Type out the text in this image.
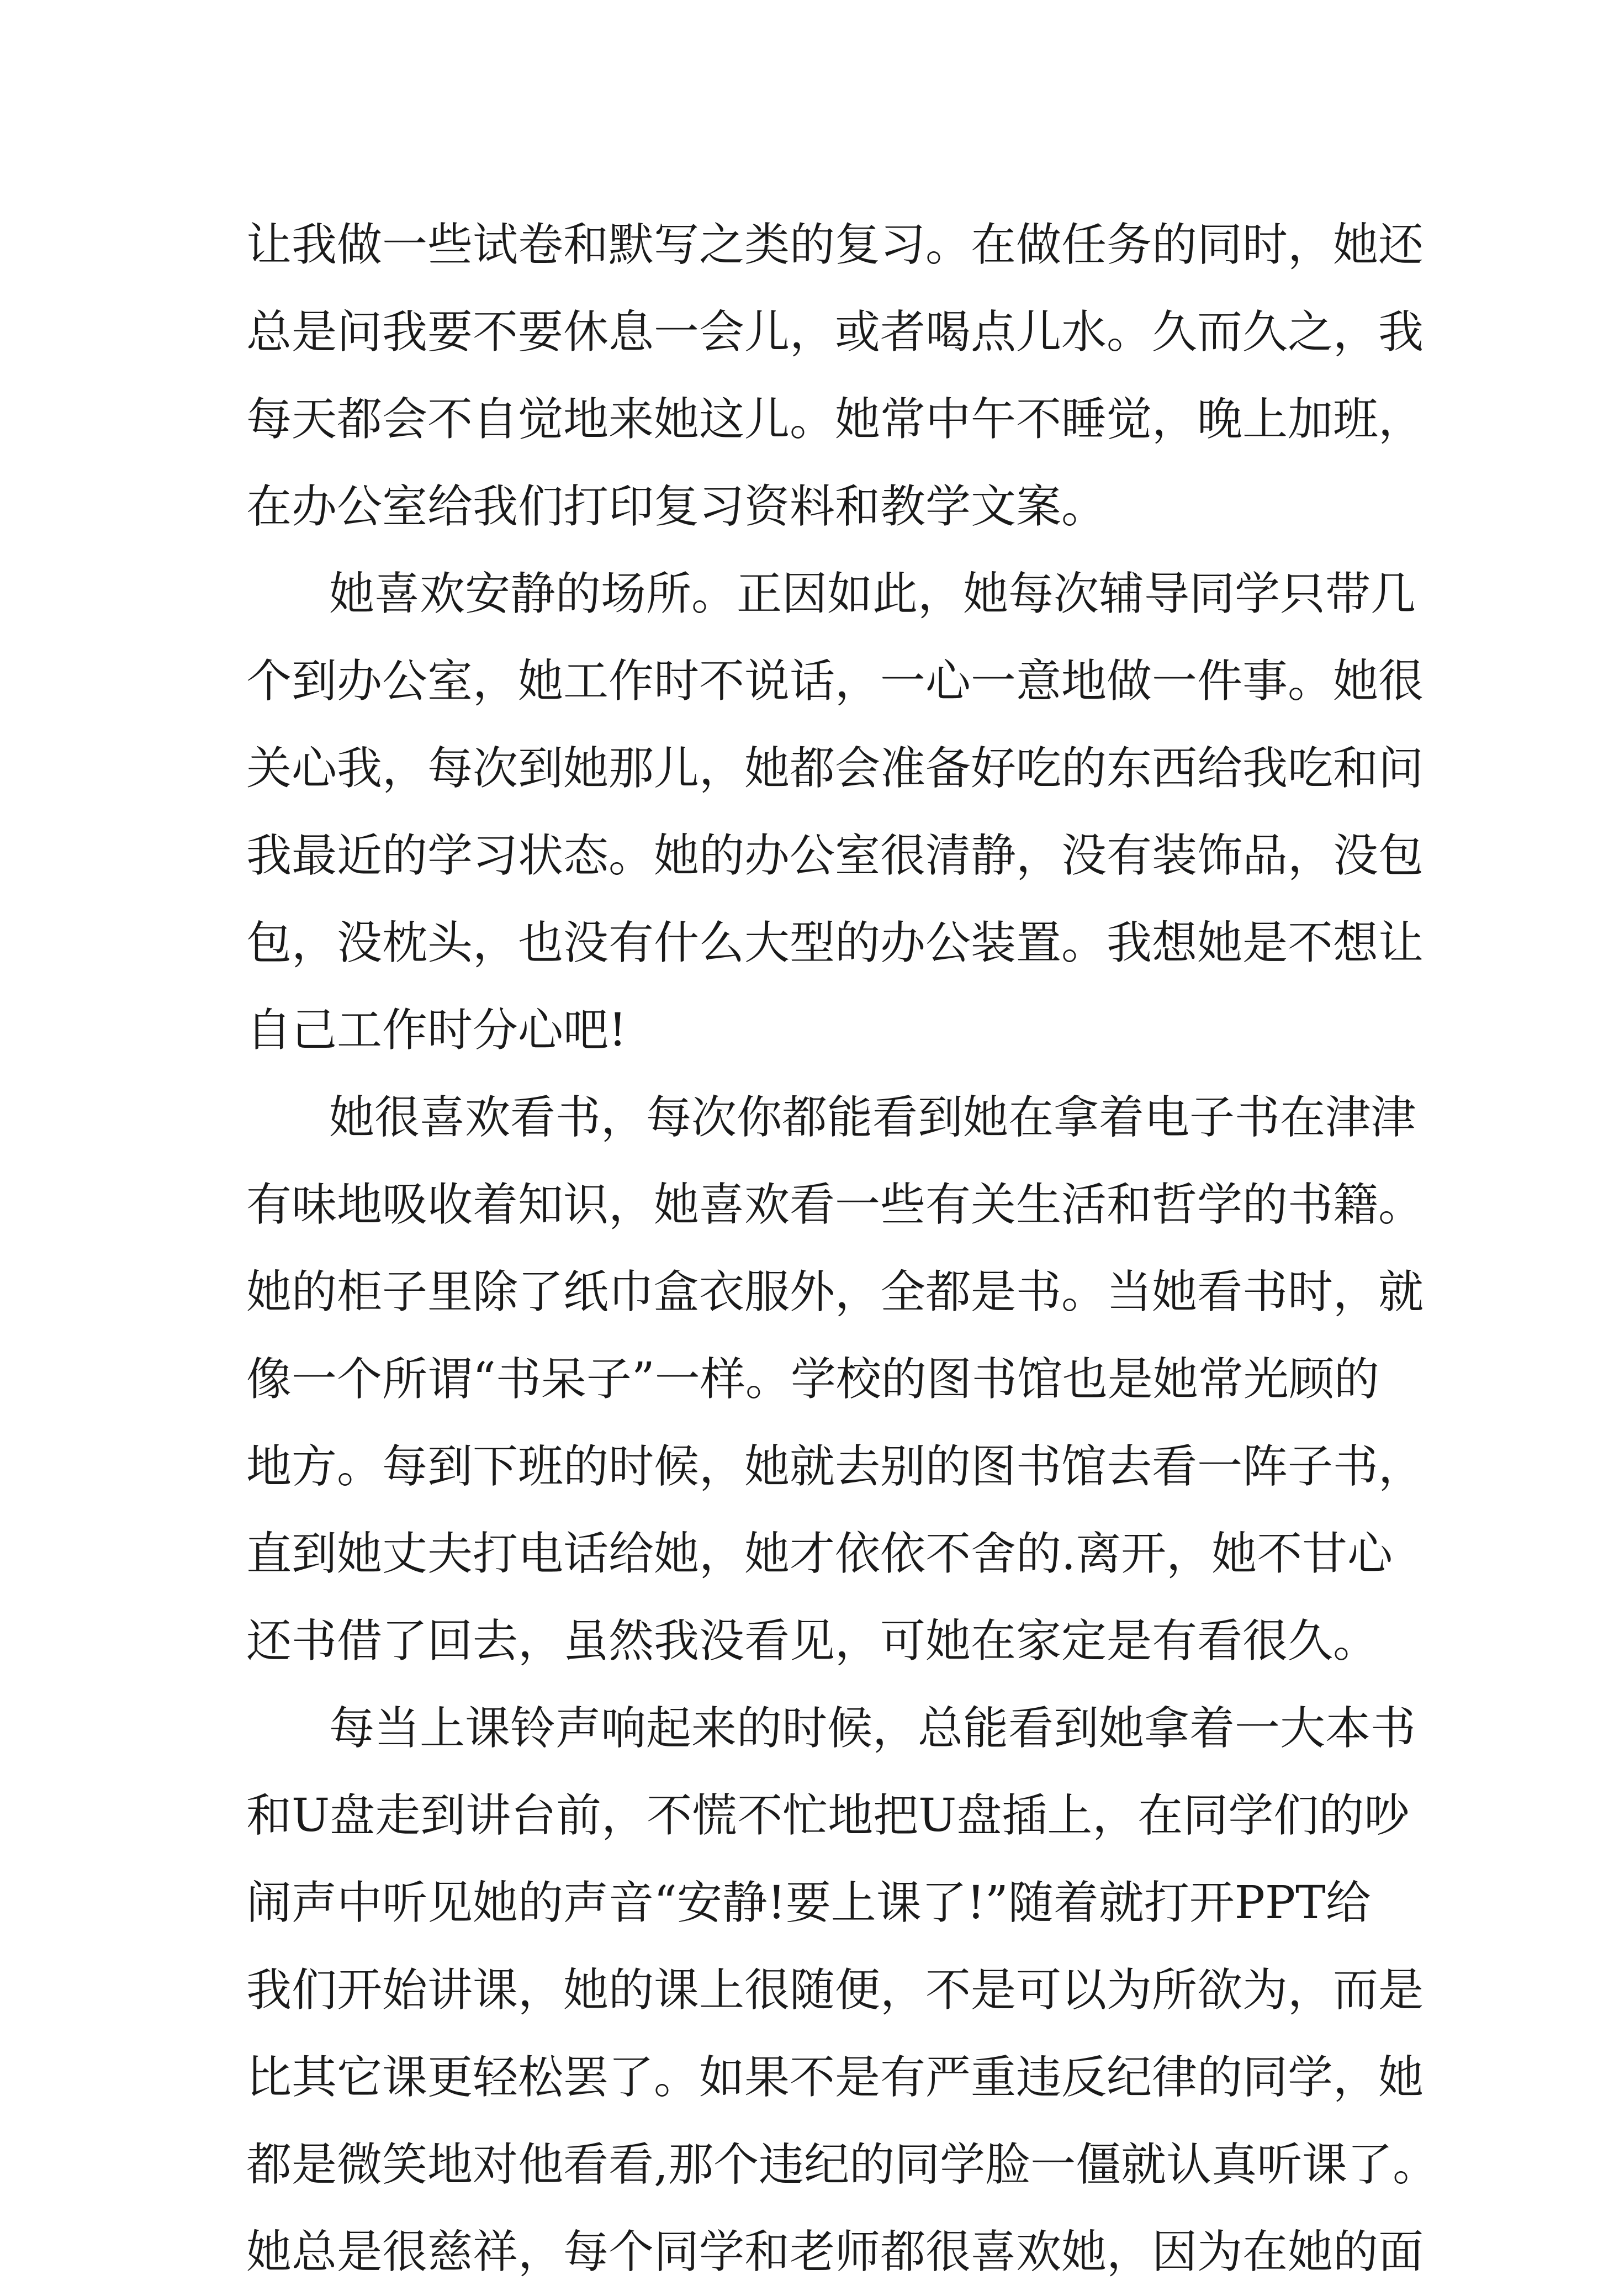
让我做一些试卷和默写之类的复习。在做任务的同时，她还
总是问我要不要休息一会儿，或者喝点儿水。久而久之，我
每天都会不自觉地来她这儿。她常中午不睡觉，晚上加班，
在办公室给我们打印复习资料和教学文案。
她喜欢安静的场所。正因如此，她每次辅导同学只带几
个到办公室，她工作时不说话，一心一意地做一件事。她很
关心我，每次到她那儿，她都会准备好吃的东西给我吃和问
我最近的学习状态。她的办公室很清静，没有装饰品，没包
包，没枕头，也没有什么大型的办公装置。我想她是不想让
自己工作时分心吧!
她很喜欢看书，每次你都能看到她在拿着电子书在津津
有味地吸收着知识，她喜欢看一些有关生活和哲学的书籍。
她的柜子里除了纸巾盒衣服外，全都是书。当她看书时，就
像一个所谓“书呆子”一样。学校的图书馆也是她常光顾的
地方。每到下班的时候，她就去别的图书馆去看一阵子书，
直到她丈夫打电话给她，她才依依不舍的.离开，她不甘心
还书借了回去，虽然我没看见，可她在家定是有看很久。
每当上课铃声响起来的时候，总能看到她拿着一大本书
和U盘走到讲台前，不慌不忙地把U盘插上，在同学们的吵
闹声中听见她的声音“安静!要上课了!”随着就打开PPT给
我们开始讲课，她的课上很随便，不是可以为所欲为，而是
比其它课更轻松罢了。如果不是有严重违反纪律的同学，她
都是微笑地对他看看,那个违纪的同学脸一僵就认真听课了。
她总是很慈祥，每个同学和老师都很喜欢她，因为在她的面
